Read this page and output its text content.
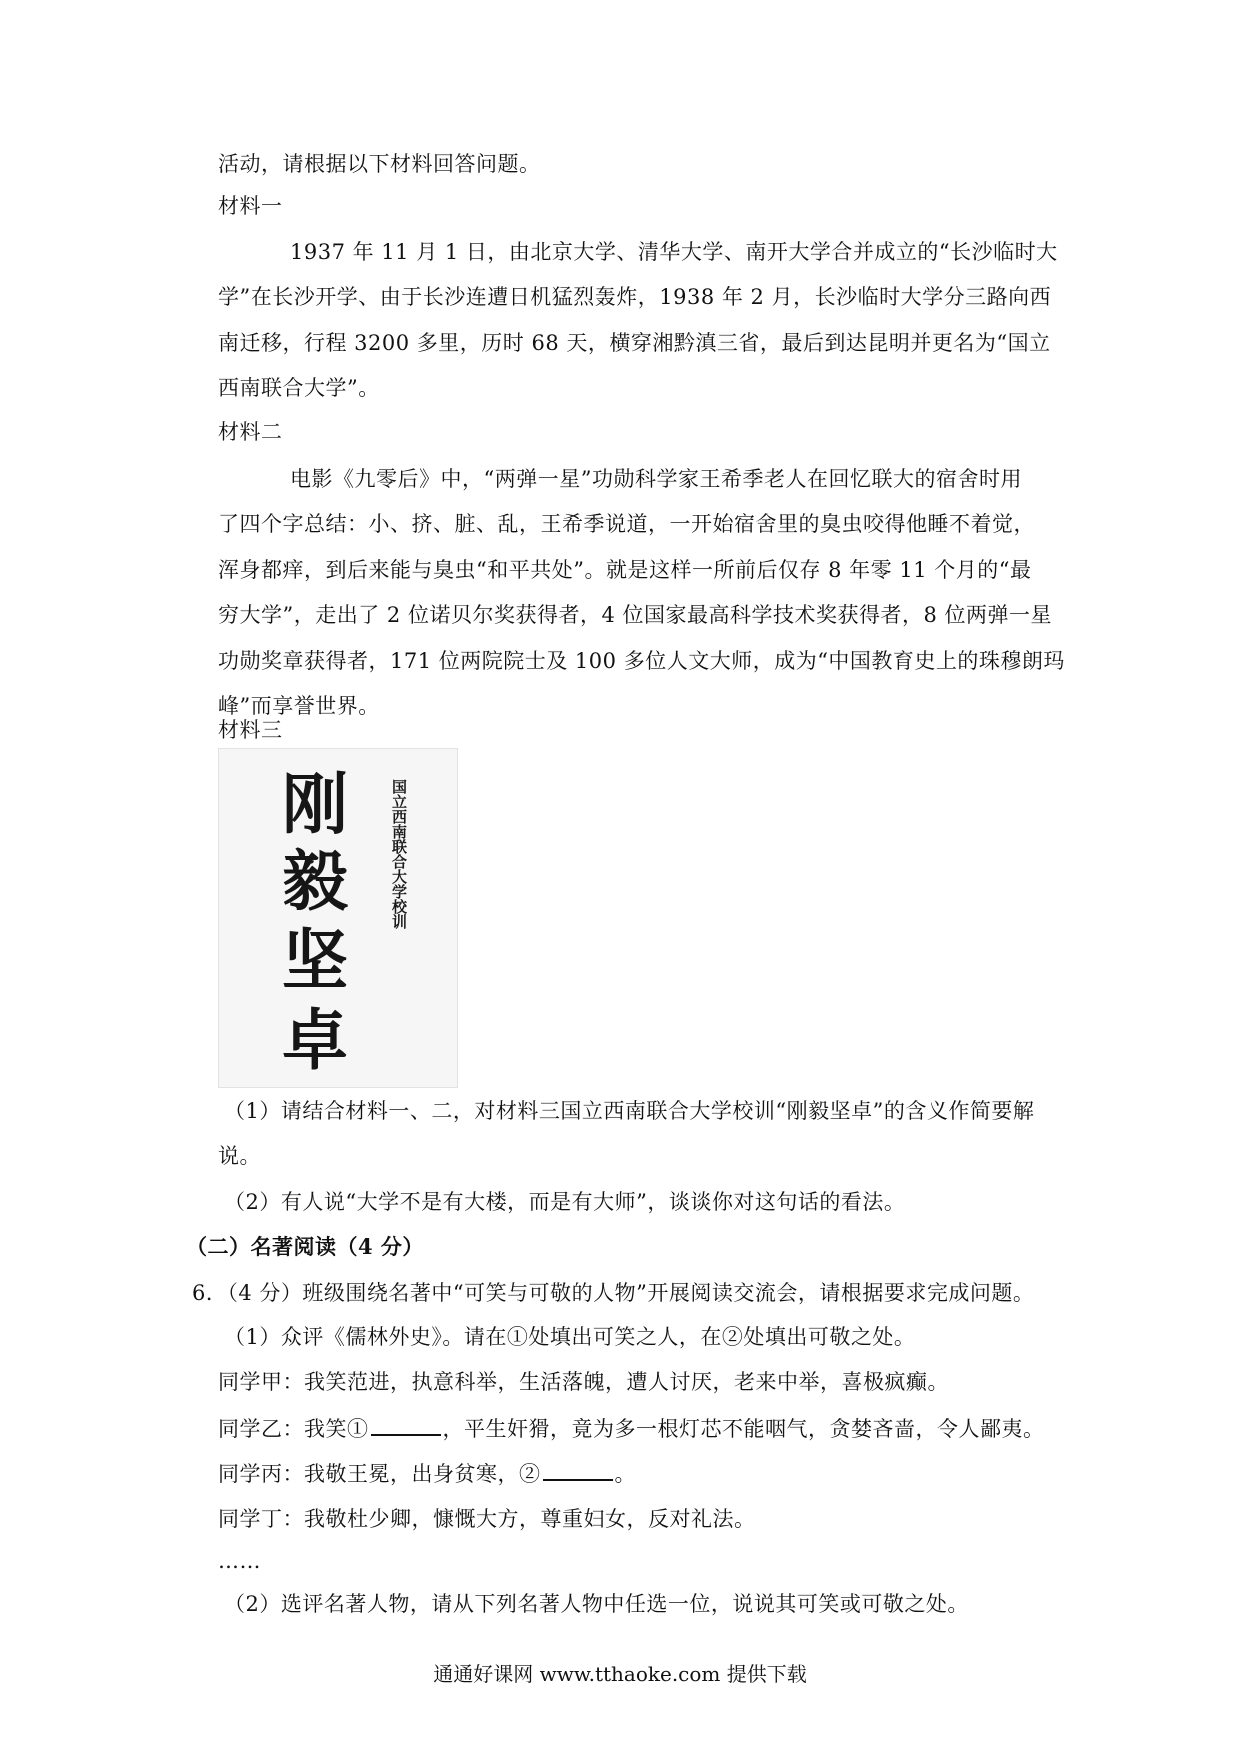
活动，请根据以下材料回答问题。
材料一
1937 年 11 月 1 日，由北京大学、清华大学、南开大学合并成立的“长沙临时大
学”在长沙开学、由于长沙连遭日机猛烈轰炸，1938 年 2 月，长沙临时大学分三路向西
南迁移，行程 3200 多里，历时 68 天，横穿湘黔滇三省，最后到达昆明并更名为“国立
西南联合大学”。
材料二
电影《九零后》中，“两弹一星”功勋科学家王希季老人在回忆联大的宿舍时用
了四个字总结：小、挤、脏、乱，王希季说道，一开始宿舍里的臭虫咬得他睡不着觉，
浑身都痒，到后来能与臭虫“和平共处”。就是这样一所前后仅存 8 年零 11 个月的“最
穷大学”，走出了 2 位诺贝尔奖获得者，4 位国家最高科学技术奖获得者，8 位两弹一星
功勋奖章获得者，171 位两院院士及 100 多位人文大师，成为“中国教育史上的珠穆朗玛
峰”而享誉世界。
材料三
刚
毅
坚
卓
国立西南联合大学校训
（1）请结合材料一、二，对材料三国立西南联合大学校训“刚毅坚卓”的含义作简要解
说。
（2）有人说“大学不是有大楼，而是有大师”，谈谈你对这句话的看法。
（二）名著阅读（4 分）
6．（4 分）班级围绕名著中“可笑与可敬的人物”开展阅读交流会，请根据要求完成问题。
（1）众评《儒林外史》。请在①处填出可笑之人，在②处填出可敬之处。
同学甲：我笑范进，执意科举，生活落魄，遭人讨厌，老来中举，喜极疯癫。
同学乙：我笑①	，平生奸猾，竟为多一根灯芯不能咽气，贪婪吝啬，令人鄙夷。
同学丙：我敬王冕，出身贫寒，②	。
同学丁：我敬杜少卿，慷慨大方，尊重妇女，反对礼法。
……
（2）选评名著人物，请从下列名著人物中任选一位，说说其可笑或可敬之处。
通通好课网 www.tthaoke.com 提供下载
